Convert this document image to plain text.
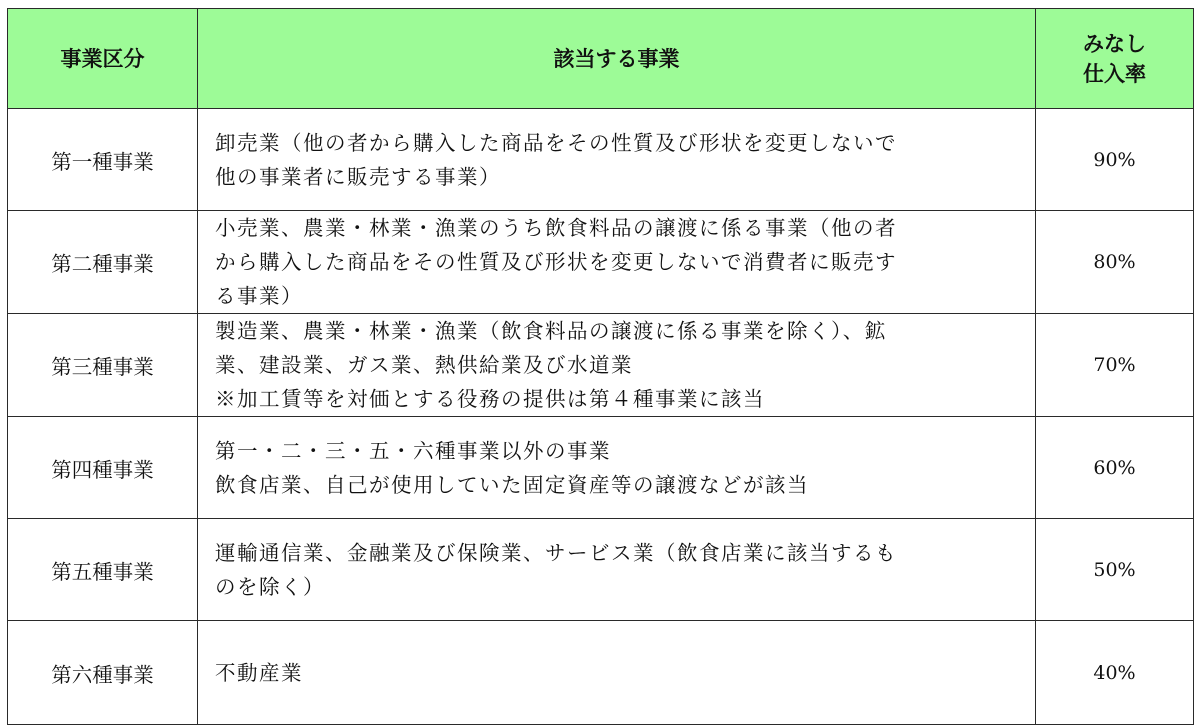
事業区分	該当する事業	みなし
仕入率

第一種事業	卸売業（他の者から購入した商品をその性質及び形状を変更しないで
他の事業者に販売する事業）	90%
第二種事業	小売業、農業・林業・漁業のうち飲食料品の譲渡に係る事業（他の者
から購入した商品をその性質及び形状を変更しないで消費者に販売す
る事業）	80%
第三種事業	製造業、農業・林業・漁業（飲食料品の譲渡に係る事業を除く）、鉱
業、建設業、ガス業、熱供給業及び水道業
※加工賃等を対価とする役務の提供は第４種事業に該当	70%
第四種事業	第一・二・三・五・六種事業以外の事業
飲食店業、自己が使用していた固定資産等の譲渡などが該当	60%
第五種事業	運輸通信業、金融業及び保険業、サービス業（飲食店業に該当するも
のを除く）	50%
第六種事業	不動産業	40%
